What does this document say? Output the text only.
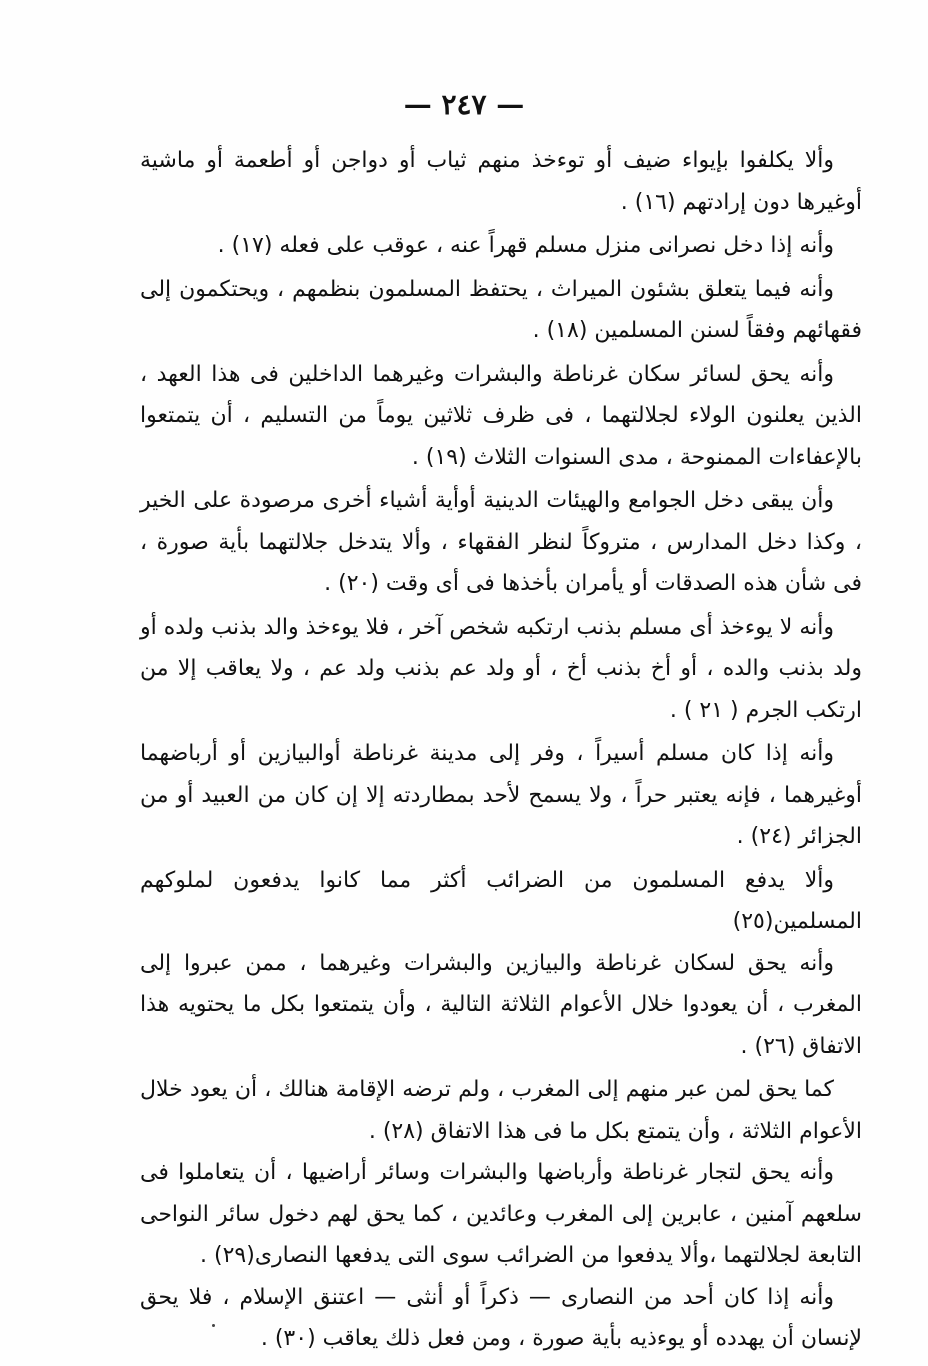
— ٢٤٧ —

وألا يكلفوا بإيواء ضيف أو توءخذ منهم ثياب أو دواجن أو أطعمة أو ماشية أوغيرها دون إرادتهم (١٦) .

وأنه إذا دخل نصرانى منزل مسلم قهراً عنه ، عوقب على فعله (١٧) .

وأنه فيما يتعلق بشئون الميراث ، يحتفظ المسلمون بنظمهم ، ويحتكمون إلى فقهائهم وفقاً لسنن المسلمين (١٨) .

وأنه يحق لسائر سكان غرناطة والبشرات وغيرهما الداخلين فى هذا العهد ، الذين يعلنون الولاء لجلالتهما ، فى ظرف ثلاثين يوماً من التسليم ، أن يتمتعوا بالإعفاءات الممنوحة ، مدى السنوات الثلاث (١٩) .

وأن يبقى دخل الجوامع والهيئات الدينية أوأية أشياء أخرى مرصودة على الخير ، وكذا دخل المدارس ، متروكاً لنظر الفقهاء ، وألا يتدخل جلالتهما بأية صورة ، فى شأن هذه الصدقات أو يأمران بأخذها فى أى وقت (٢٠) .

وأنه لا يوءخذ أى مسلم بذنب ارتكبه شخص آخر ، فلا يوءخذ والد بذنب ولده أو ولد بذنب والده ، أو أخ بذنب أخ ، أو ولد عم بذنب ولد عم ، ولا يعاقب إلا من ارتكب الجرم ( ٢١ ) .

وأنه إذا كان مسلم أسيراً ، وفر إلى مدينة غرناطة أوالبيازين أو أرباضهما أوغيرهما ، فإنه يعتبر حراً ، ولا يسمح لأحد بمطاردته إلا إن كان من العبيد أو من الجزائر (٢٤) .

وألا يدفع المسلمون من الضرائب أكثر مما كانوا يدفعون لملوكهم المسلمين(٢٥)

وأنه يحق لسكان غرناطة والبيازين والبشرات وغيرهما ، ممن عبروا إلى المغرب ، أن يعودوا خلال الأعوام الثلاثة التالية ، وأن يتمتعوا بكل ما يحتويه هذا الاتفاق (٢٦) .

كما يحق لمن عبر منهم إلى المغرب ، ولم ترضه الإقامة هنالك ، أن يعود خلال الأعوام الثلاثة ، وأن يتمتع بكل ما فى هذا الاتفاق (٢٨) .

وأنه يحق لتجار غرناطة وأرباضها والبشرات وسائر أراضيها ، أن يتعاملوا فى سلعهم آمنين ، عابرين إلى المغرب وعائدين ، كما يحق لهم دخول سائر النواحى التابعة لجلالتهما ،وألا يدفعوا من الضرائب سوى التى يدفعها النصارى(٢٩) .

وأنه إذا كان أحد من النصارى — ذكراً أو أنثى — اعتنق الإسلام ، فلا يحق لإنسان أن يهدده أو يوءذيه بأية صورة ، ومن فعل ذلك يعاقب (٣٠) .
